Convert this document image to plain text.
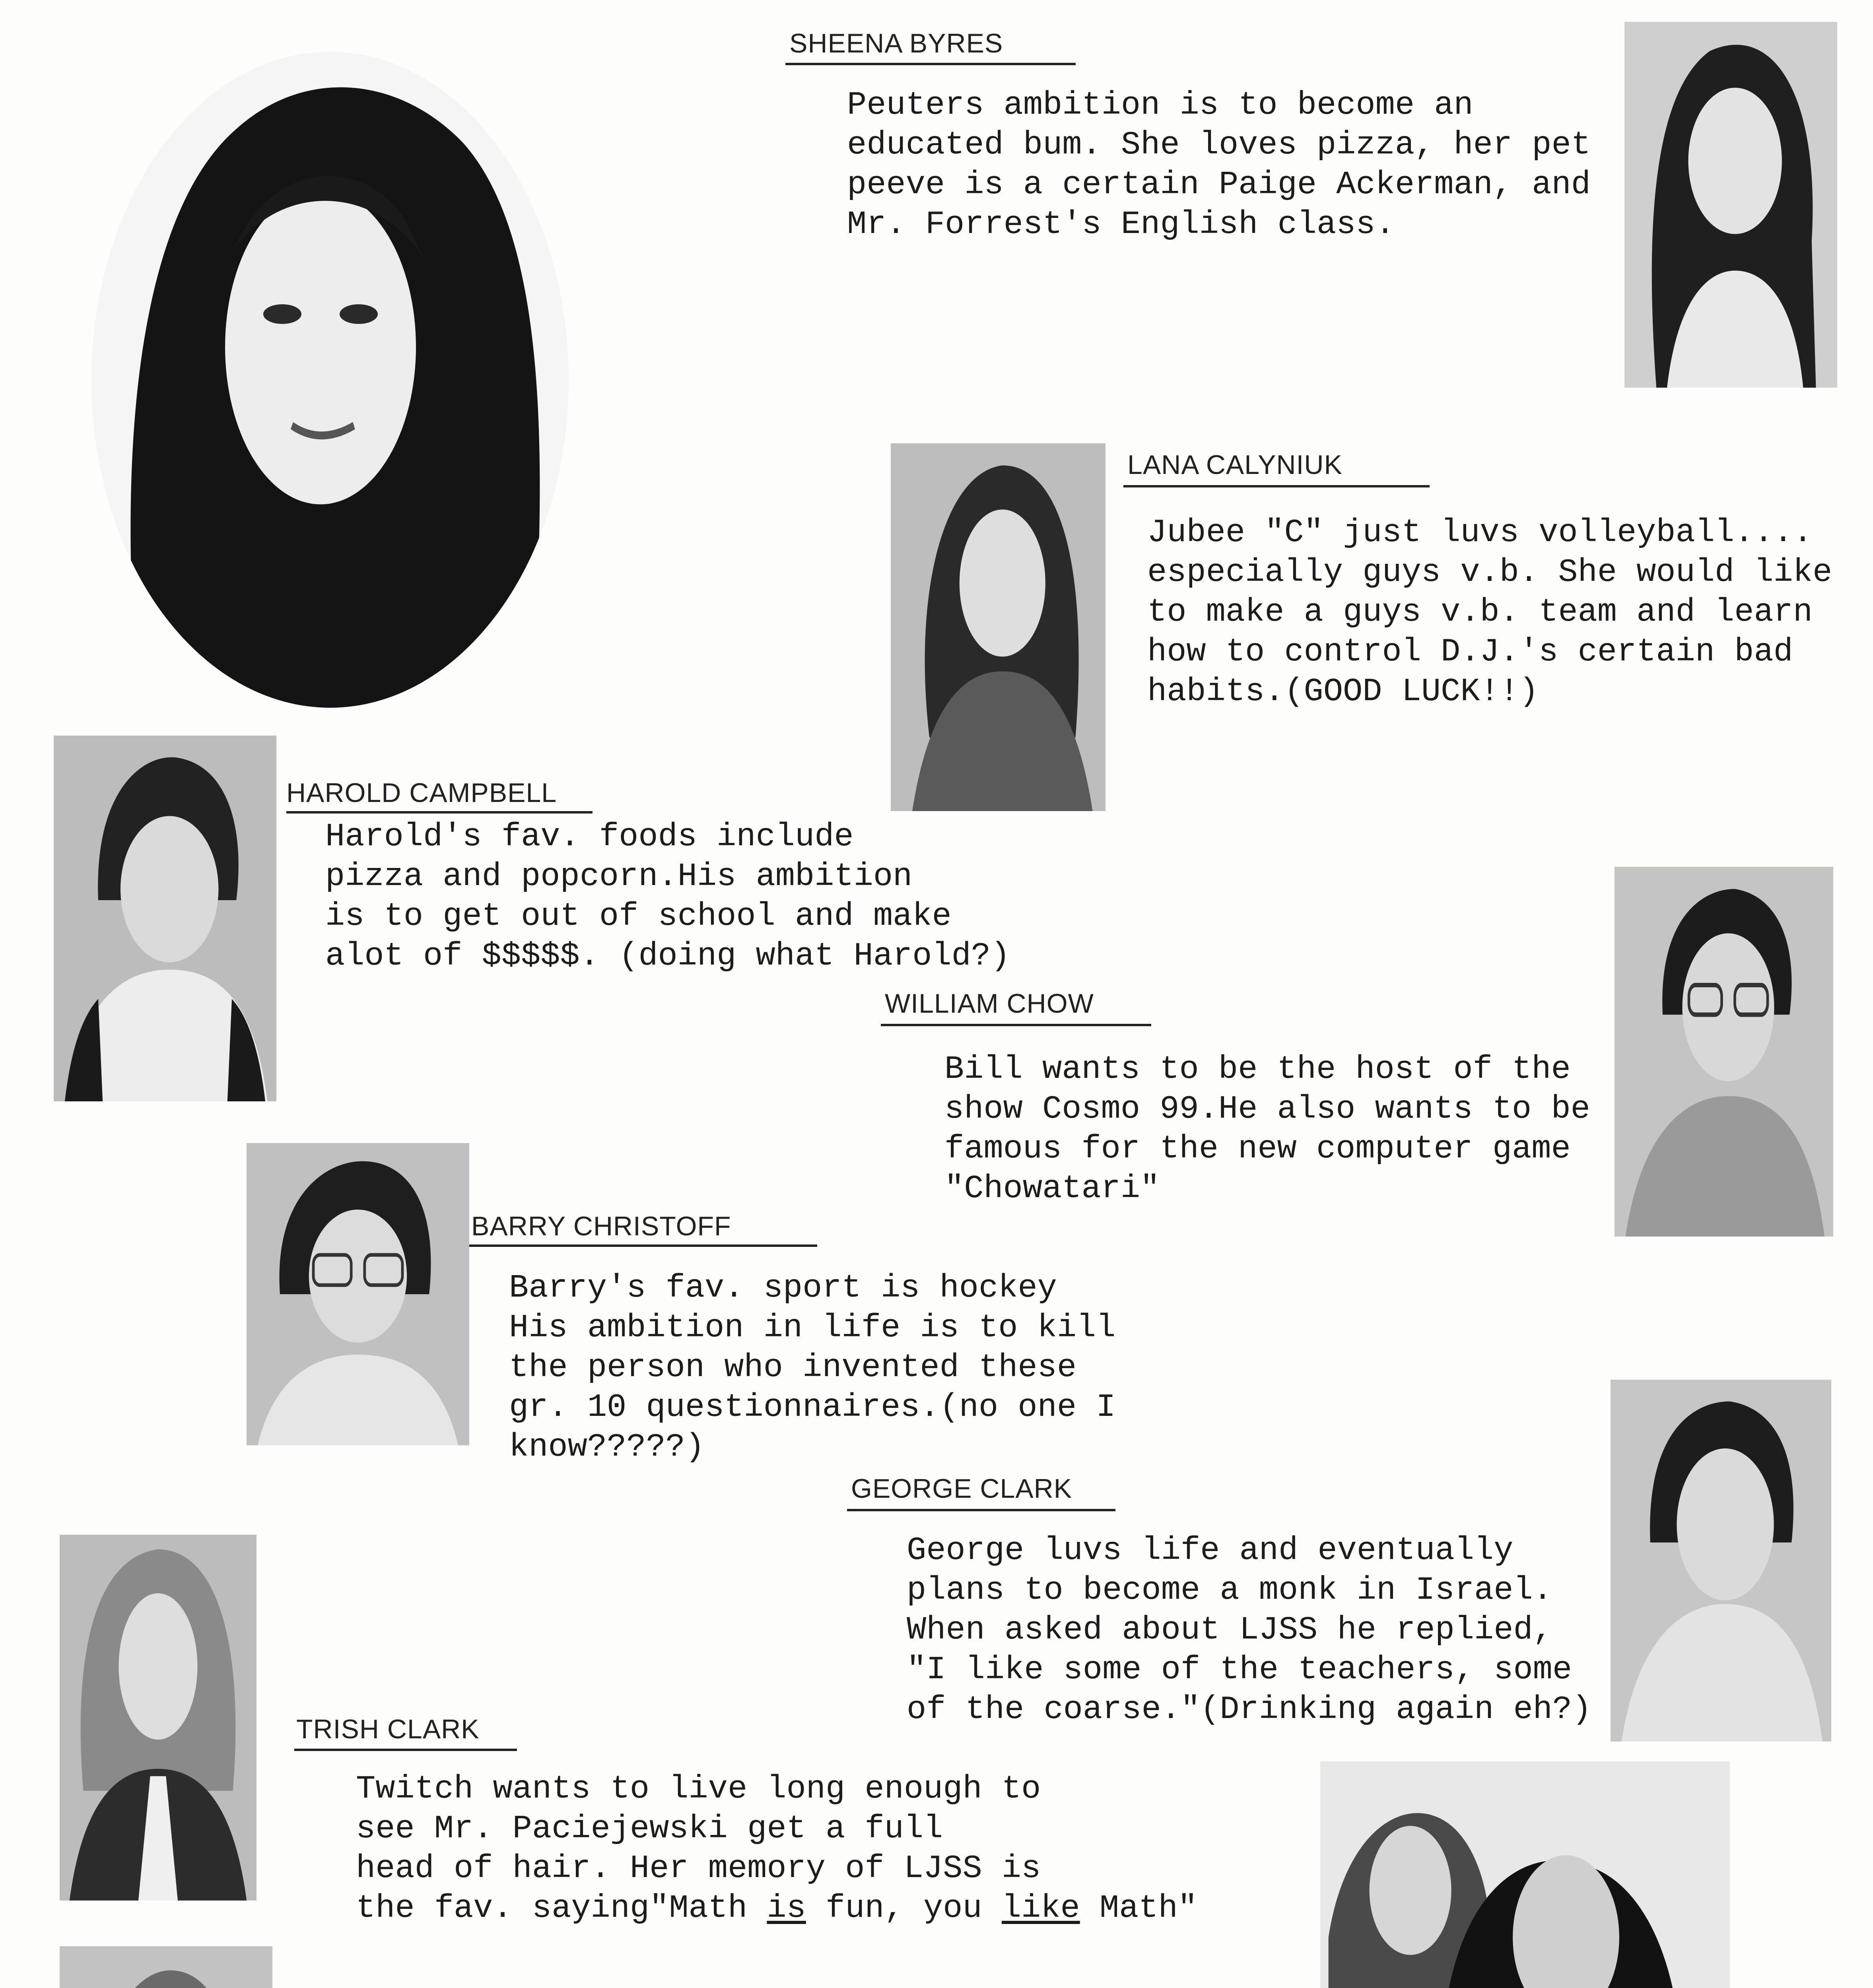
SHEENA BYRES
Peuters ambition is to become an
educated bum. She loves pizza, her pet
peeve is a certain Paige Ackerman, and
Mr. Forrest's English class.
LANA CALYNIUK
Jubee "C" just luvs volleyball....
especially guys v.b. She would like
to make a guys v.b. team and learn
how to control D.J.'s certain bad
habits.(GOOD LUCK!!)
HAROLD CAMPBELL
Harold's fav. foods include
pizza and popcorn.His ambition
is to get out of school and make
alot of $$$$$. (doing what Harold?)
WILLIAM CHOW
Bill wants to be the host of the
show Cosmo 99.He also wants to be
famous for the new computer game
"Chowatari"
BARRY CHRISTOFF
Barry's fav. sport is hockey
His ambition in life is to kill
the person who invented these
gr. 10 questionnaires.(no one I
know?????)
GEORGE CLARK
George luvs life and eventually
plans to become a monk in Israel.
When asked about LJSS he replied,
"I like some of the teachers, some
of the coarse."(Drinking again eh?)
TRISH CLARK
Twitch wants to live long enough to
see Mr. Paciejewski get a full
head of hair. Her memory of LJSS is
the fav. saying"Math is fun, you like Math"
